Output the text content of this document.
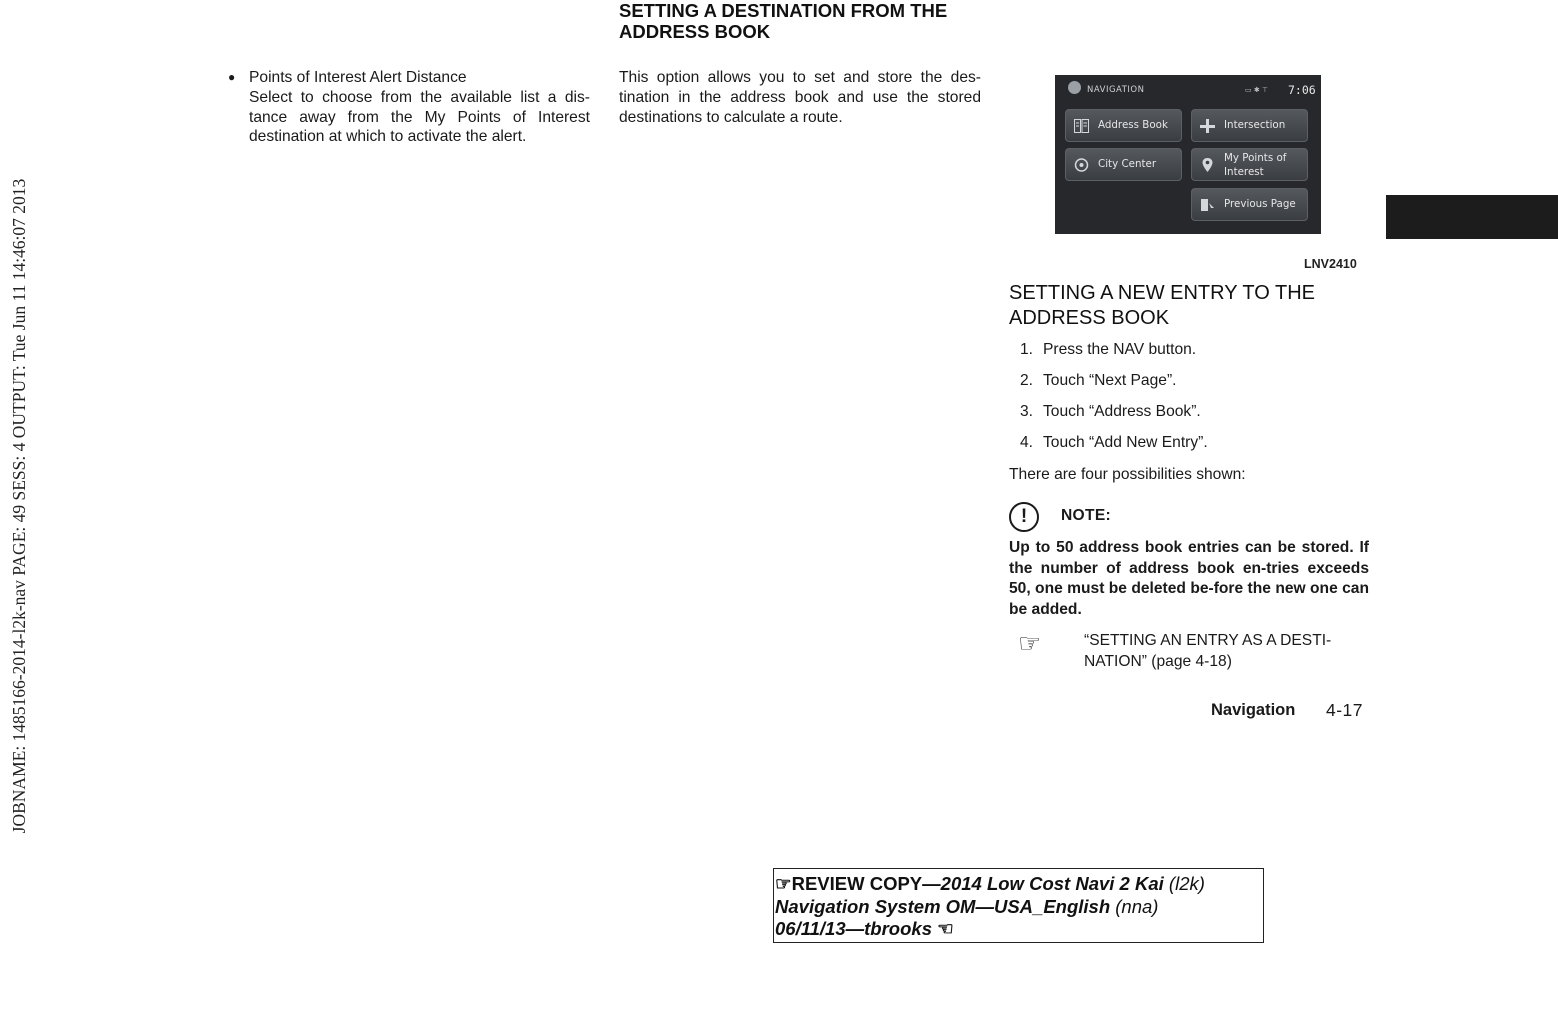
JOBNAME: 1485166-2014-l2k-nav PAGE: 49 SESS: 4 OUTPUT: Tue Jun 11 14:46:07 2013
● Points of Interest Alert Distance
Select to choose from the available list a dis-tance away from the My Points of Interest destination at which to activate the alert.
SETTING A DESTINATION FROM THE ADDRESS BOOK
This option allows you to set and store the des-tination in the address book and use the stored destinations to calculate a route.
NAVIGATION	▭ ✱ ⊤	7:06
Address Book	Intersection
City Center	My Points of Interest
Previous Page
LNV2410
SETTING A NEW ENTRY TO THE ADDRESS BOOK
1. Press the NAV button.
2. Touch “Next Page”.
3. Touch “Address Book”.
4. Touch “Add New Entry”.
There are four possibilities shown:
!	NOTE:
Up to 50 address book entries can be stored. If the number of address book en-tries exceeds 50, one must be deleted be-fore the new one can be added.
☞	“SETTING AN ENTRY AS A DESTI-NATION” (page 4-18)
Navigation 4-17
☞REVIEW COPY—2014 Low Cost Navi 2 Kai (l2k)
Navigation System OM—USA_English (nna)
06/11/13—tbrooks ☜
